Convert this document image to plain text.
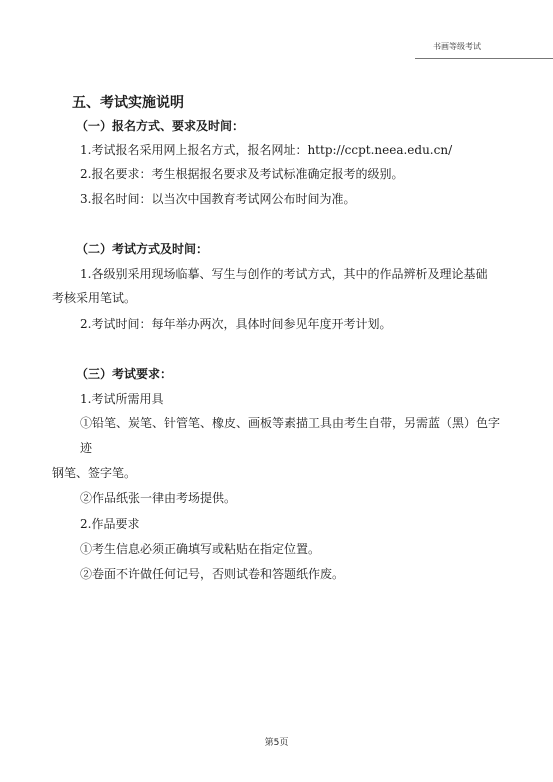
书画等级考试
五、考试实施说明
（一）报名方式、要求及时间：
1.考试报名采用网上报名方式，报名网址：http://ccpt.neea.edu.cn/
2.报名要求：考生根据报名要求及考试标准确定报考的级别。
3.报名时间：以当次中国教育考试网公布时间为准。
（二）考试方式及时间：
1.各级别采用现场临摹、写生与创作的考试方式，其中的作品辨析及理论基础
考核采用笔试。
2.考试时间：每年举办两次，具体时间参见年度开考计划。
（三）考试要求：
1.考试所需用具
①铅笔、炭笔、针管笔、橡皮、画板等素描工具由考生自带，另需蓝（黑）色字
迹
钢笔、签字笔。
②作品纸张一律由考场提供。
2.作品要求
①考生信息必须正确填写或粘贴在指定位置。
②卷面不许做任何记号，否则试卷和答题纸作废。
第5页
